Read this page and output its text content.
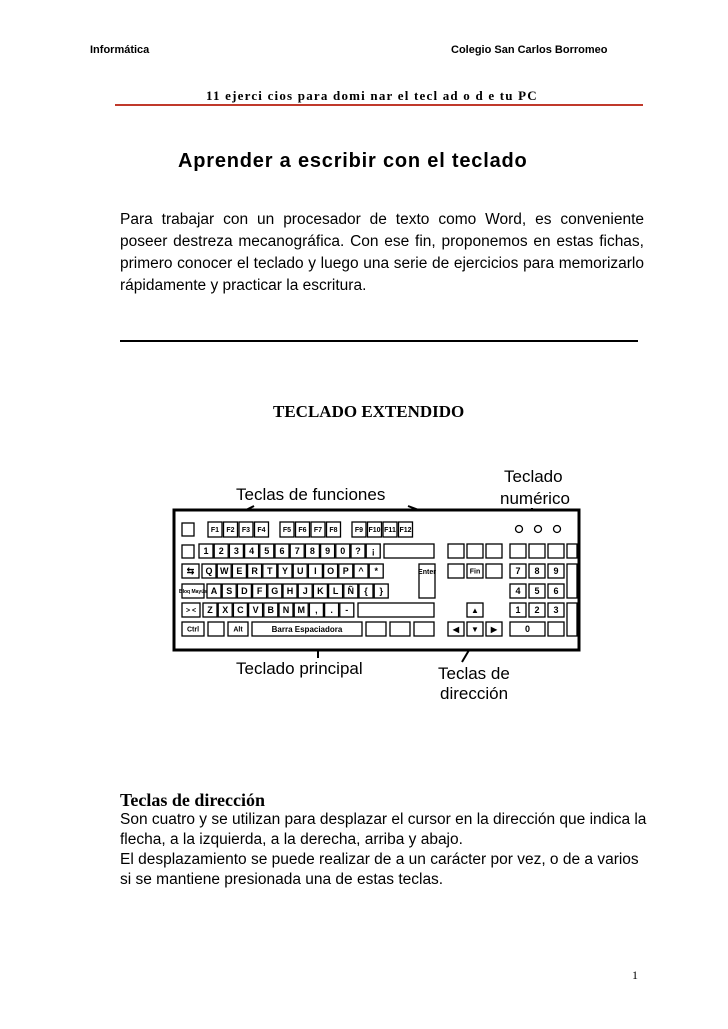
Informática	Colegio San Carlos Borromeo
11 ejerci cios para domi nar el tecl ad o d e tu PC
Aprender a escribir con el teclado
Para trabajar con un procesador de texto como Word, es conveniente poseer destreza mecanográfica. Con ese fin, proponemos en estas fichas, primero conocer el teclado y luego una serie de ejercicios para memorizarlo rápidamente y practicar la escritura.
TECLADO EXTENDIDO
Teclas de funciones
Teclado
numérico
Teclado principal	Teclas de
dirección
F1 F2 F3 F4 F5 F6 F7 F8 F9 F10 F11 F12
1 2 3 4 5 6 7 8 9 0 ? ¡
⇆ Q W E R T Y U I O P ^ *	Enter
Bloq Mayús A S D F G H J K L Ñ { }
> < Z X C V B N M , . -
Ctrl	Alt	Barra Espaciadora
Fin
▲
◀ ▼ ▶
7 8 9
4 5 6
1 2 3
0
Teclas de dirección

Son cuatro y se utilizan para desplazar el cursor en la dirección que indica la flecha, a la izquierda, a la derecha, arriba y abajo.

El desplazamiento se puede realizar de a un carácter por vez, o de a varios si se mantiene presionada una de estas teclas.

1
